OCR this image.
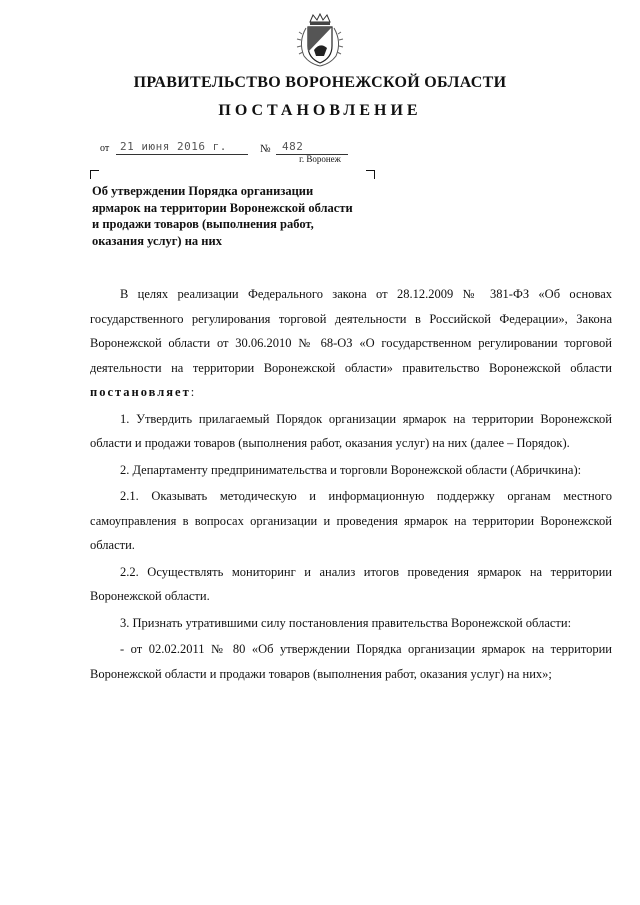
ПРАВИТЕЛЬСТВО ВОРОНЕЖСКОЙ ОБЛАСТИ
ПОСТАНОВЛЕНИЕ
от 21 июня 2016 г.	№ 482
г. Воронеж
Об утверждении Порядка организации ярмарок на территории Воронежской области и продажи товаров (выполнения работ, оказания услуг) на них

В целях реализации Федерального закона от 28.12.2009 № 381-ФЗ «Об основах государственного регулирования торговой деятельности в Российской Федерации», Закона Воронежской области от 30.06.2010 № 68-ОЗ «О государственном регулировании торговой деятельности на территории Воронежской области» правительство Воронежской области постановляет:

1. Утвердить прилагаемый Порядок организации ярмарок на территории Воронежской области и продажи товаров (выполнения работ, оказания услуг) на них (далее – Порядок).

2. Департаменту предпринимательства и торговли Воронежской области (Абричкина):

2.1. Оказывать методическую и информационную поддержку органам местного самоуправления в вопросах организации и проведения ярмарок на территории Воронежской области.

2.2. Осуществлять мониторинг и анализ итогов проведения ярмарок на территории Воронежской области.

3. Признать утратившими силу постановления правительства Воронежской области:

- от 02.02.2011 № 80 «Об утверждении Порядка организации ярмарок на территории Воронежской области и продажи товаров (выполнения работ, оказания услуг) на них»;
